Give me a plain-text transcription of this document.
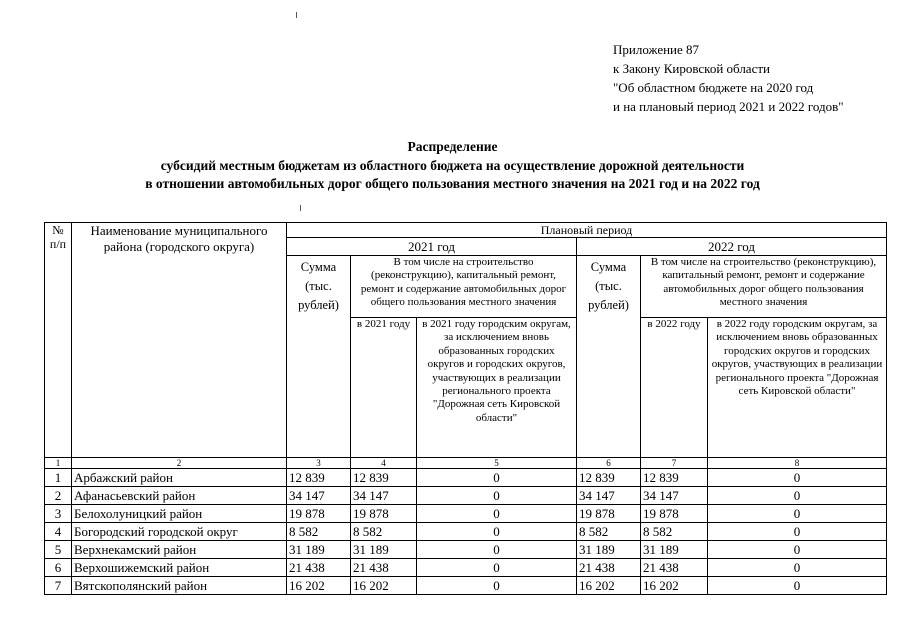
Приложение 87
к Закону Кировской области
"Об областном бюджете на 2020 год
и на плановый период 2021 и 2022 годов"
Распределение
субсидий местным бюджетам из областного бюджета на осуществление дорожной деятельности
в отношении автомобильных дорог общего пользования местного значения на 2021 год и на 2022 год
№ п/п	Наименование муниципального района (городского округа)	Плановый период					
		2021 год			2022 год		
		Сумма (тыс. рублей)	В том числе на строительство (реконструкцию), капитальный ремонт, ремонт и содержание автомобильных дорог общего пользования местного значения		Сумма (тыс. рублей)	В том числе на строительство (реконструкцию), капитальный ремонт, ремонт и содержание автомобильных дорог общего пользования местного значения	
			в 2021 году	в 2021 году городским округам, за исключением вновь образованных городских округов и городских округов, участвующих в реализации регионального проекта "Дорожная сеть Кировской области"		в 2022 году	в 2022 году городским округам, за исключением вновь образованных городских округов и городских округов, участвующих в реализации регионального проекта "Дорожная сеть Кировской области"
1	2	3	4	5	6	7	8
1	Арбажский район	12 839	12 839	0	12 839	12 839	0
2	Афанасьевский район	34 147	34 147	0	34 147	34 147	0
3	Белохолуницкий район	19 878	19 878	0	19 878	19 878	0
4	Богородский городской округ	8 582	8 582	0	8 582	8 582	0
5	Верхнекамский район	31 189	31 189	0	31 189	31 189	0
6	Верхошижемский район	21 438	21 438	0	21 438	21 438	0
7	Вятскополянский район	16 202	16 202	0	16 202	16 202	0
